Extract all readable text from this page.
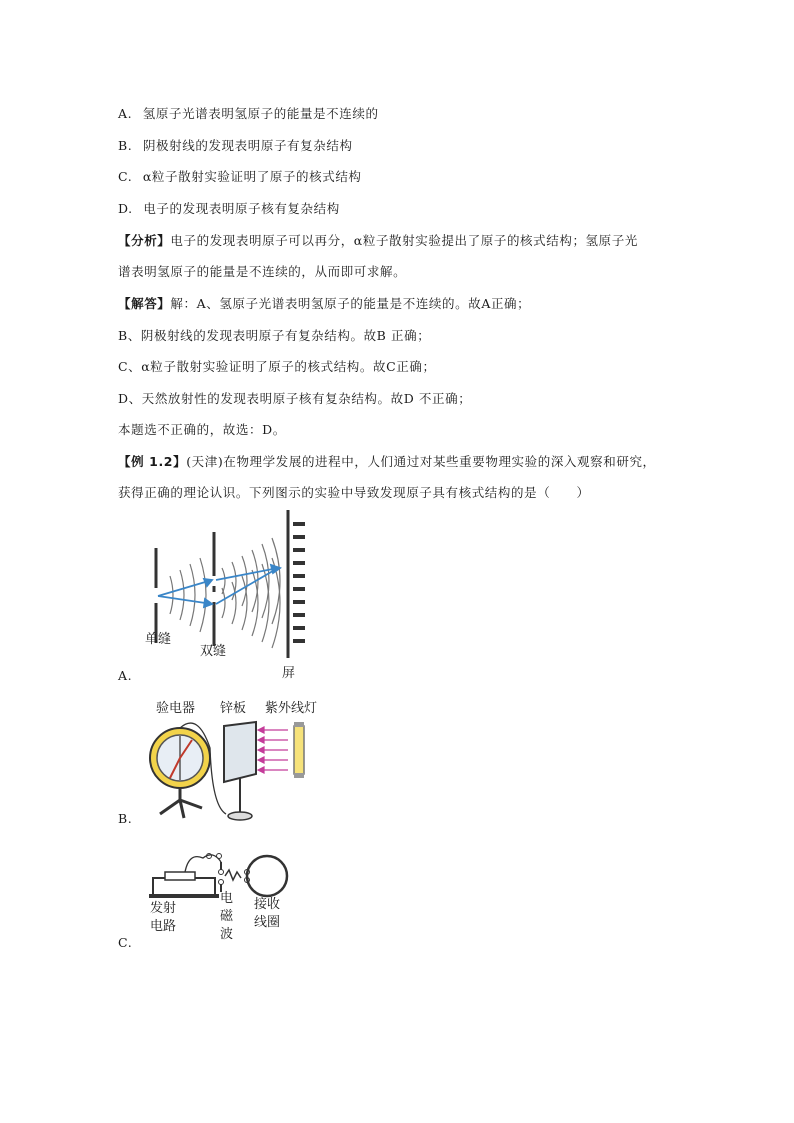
A. 氢原子光谱表明氢原子的能量是不连续的
B. 阴极射线的发现表明原子有复杂结构
C. α粒子散射实验证明了原子的核式结构
D. 电子的发现表明原子核有复杂结构
【分析】电子的发现表明原子可以再分，α粒子散射实验提出了原子的核式结构；氢原子光
谱表明氢原子的能量是不连续的，从而即可求解。
【解答】解：A、氢原子光谱表明氢原子的能量是不连续的。故A正确；
B、阴极射线的发现表明原子有复杂结构。故B 正确；
C、α粒子散射实验证明了原子的核式结构。故C正确；
D、天然放射性的发现表明原子核有复杂结构。故D 不正确；
本题选不正确的，故选：D。
【例 1.2】(天津)在物理学发展的进程中，人们通过对某些重要物理实验的深入观察和研究，
获得正确的理论认识。下列图示的实验中导致发现原子具有核式结构的是（　　）
单缝
双缝
屏
A.
验电器 锌板 紫外线灯
B.
发射
电路
电
磁
波
接收
线圈
C.
